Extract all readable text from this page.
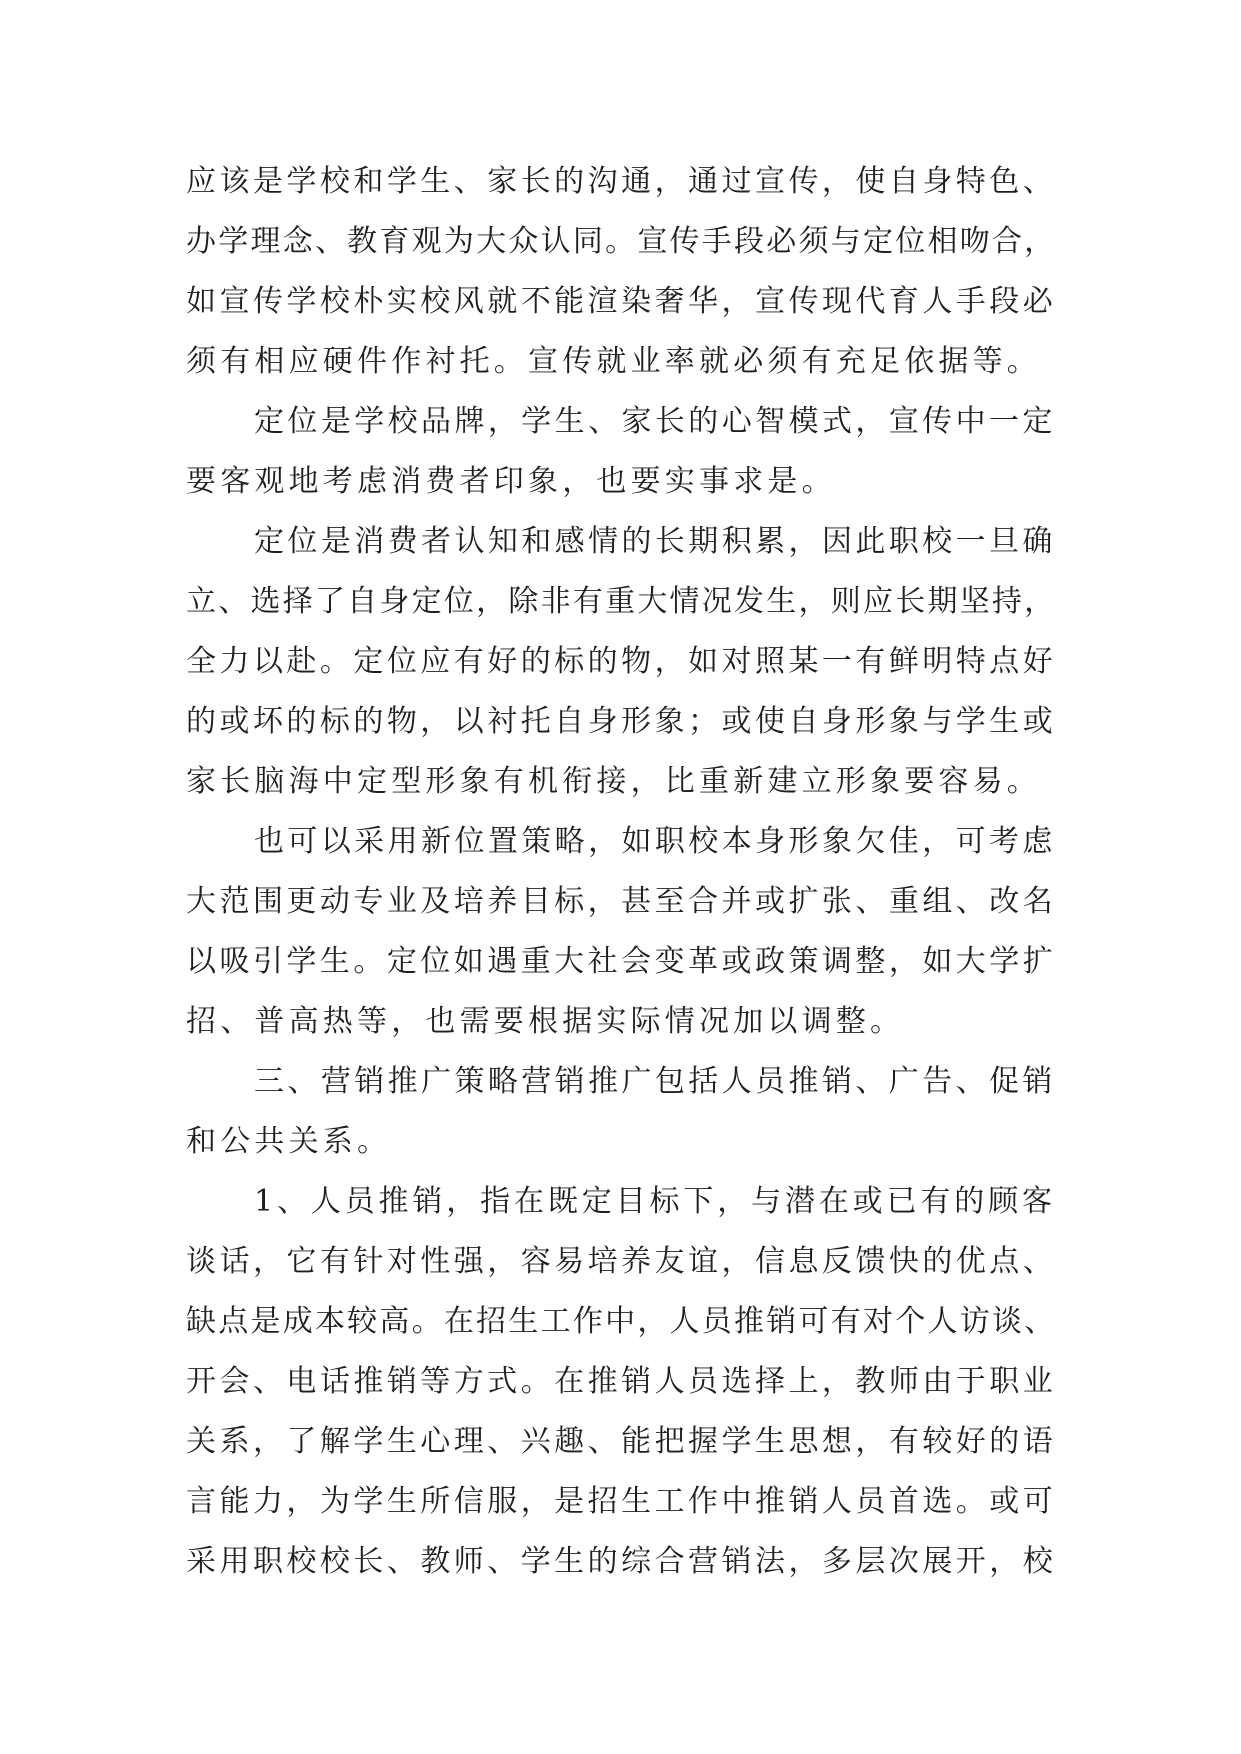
应该是学校和学生、家长的沟通，通过宣传，使自身特色、
办学理念、教育观为大众认同。宣传手段必须与定位相吻合，
如宣传学校朴实校风就不能渲染奢华，宣传现代育人手段必
须有相应硬件作衬托。宣传就业率就必须有充足依据等。
定位是学校品牌，学生、家长的心智模式，宣传中一定
要客观地考虑消费者印象，也要实事求是。
定位是消费者认知和感情的长期积累，因此职校一旦确
立、选择了自身定位，除非有重大情况发生，则应长期坚持，
全力以赴。定位应有好的标的物，如对照某一有鲜明特点好
的或坏的标的物，以衬托自身形象；或使自身形象与学生或
家长脑海中定型形象有机衔接，比重新建立形象要容易。
也可以采用新位置策略，如职校本身形象欠佳，可考虑
大范围更动专业及培养目标，甚至合并或扩张、重组、改名
以吸引学生。定位如遇重大社会变革或政策调整，如大学扩
招、普高热等，也需要根据实际情况加以调整。
三、营销推广策略营销推广包括人员推销、广告、促销
和公共关系。
1、人员推销，指在既定目标下，与潜在或已有的顾客
谈话，它有针对性强，容易培养友谊，信息反馈快的优点、
缺点是成本较高。在招生工作中，人员推销可有对个人访谈、
开会、电话推销等方式。在推销人员选择上，教师由于职业
关系，了解学生心理、兴趣、能把握学生思想，有较好的语
言能力，为学生所信服，是招生工作中推销人员首选。或可
采用职校校长、教师、学生的综合营销法，多层次展开，校
